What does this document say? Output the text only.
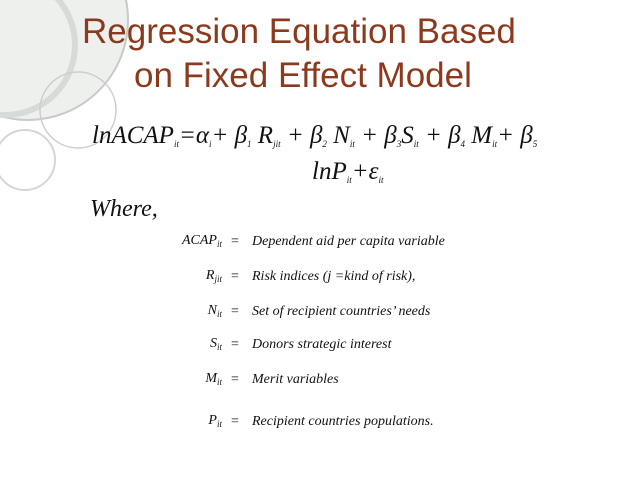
Regression Equation Based
on Fixed Effect Model
$lnACAP_{it}=\alpha_i+ \beta_1$ $R_{jit} + \beta_2$ $N_{it} + \beta_3S_{it} + \beta_4$ $M_{it}+ \beta_5$
$\ln P_{it}+\varepsilon_{it}$
Where,
$ACAP_{it}$ = Dependent aid per capita variable
$R_{jit}$ = Risk indices (j =kind of risk),
$N_{it}$ = Set of recipient countries’ needs
$S_{it}$ = Donors strategic interest
$M_{it}$ = Merit variables
$P_{it}$ = Recipient countries populations.
